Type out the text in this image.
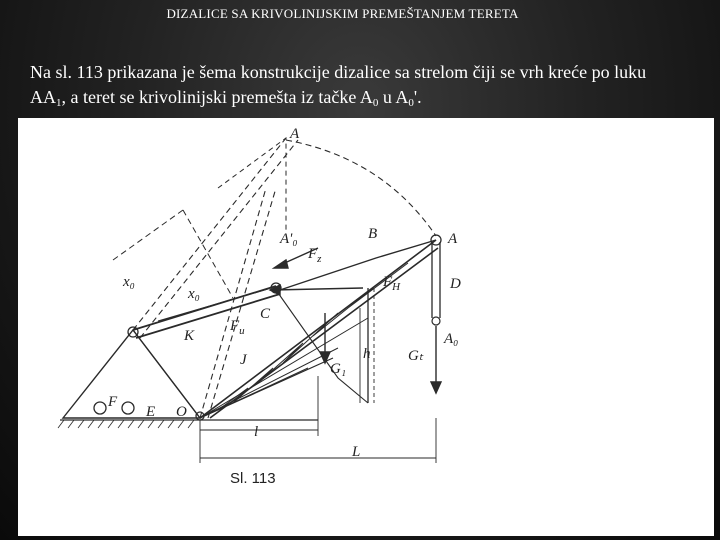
DIZALICE SA KRIVOLINIJSKIM PREMEŠTANJEM TERETA
Na sl. 113 prikazana je šema konstrukcije dizalice sa strelom čiji se vrh kreće po luku
$AA_1$, a teret se krivolinijski premešta iz tačke $A_0$ u $A_0'$.
A
A'₀
$F_z$
B	A
x₀
x₀
$F_H$	D
C
$F_u$
K
J	h
G₁
Gₜ
A₀
F
E O
l
L
Sl. 113
